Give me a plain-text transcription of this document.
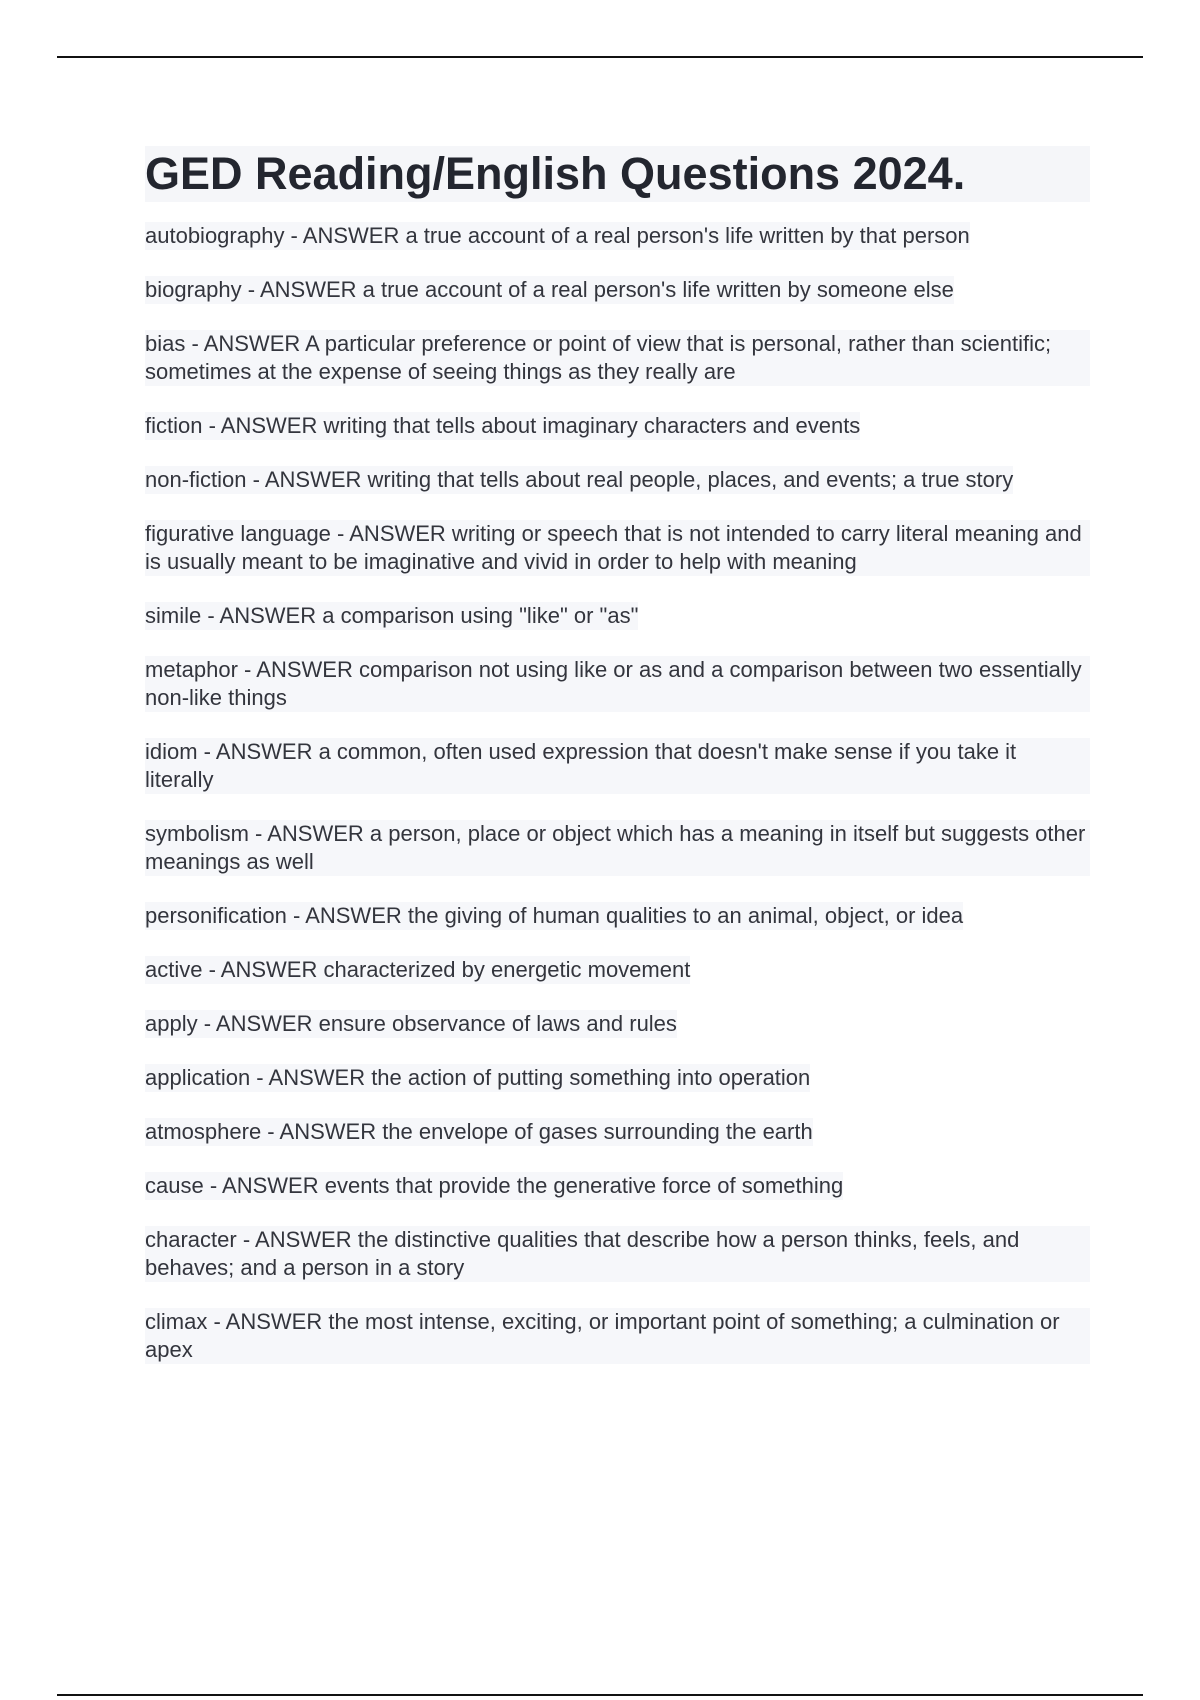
GED Reading/English Questions 2024.
autobiography - ANSWER a true account of a real person's life written by that person
biography - ANSWER a true account of a real person's life written by someone else
bias - ANSWER A particular preference or point of view that is personal, rather than scientific; sometimes at the expense of seeing things as they really are
fiction - ANSWER writing that tells about imaginary characters and events
non-fiction - ANSWER writing that tells about real people, places, and events; a true story
figurative language - ANSWER writing or speech that is not intended to carry literal meaning and is usually meant to be imaginative and vivid in order to help with meaning
simile - ANSWER a comparison using "like" or "as"
metaphor - ANSWER comparison not using like or as and a comparison between two essentially non-like things
idiom - ANSWER a common, often used expression that doesn't make sense if you take it literally
symbolism - ANSWER a person, place or object which has a meaning in itself but suggests other meanings as well
personification - ANSWER the giving of human qualities to an animal, object, or idea
active - ANSWER characterized by energetic movement
apply - ANSWER ensure observance of laws and rules
application - ANSWER the action of putting something into operation
atmosphere - ANSWER the envelope of gases surrounding the earth
cause - ANSWER events that provide the generative force of something
character - ANSWER the distinctive qualities that describe how a person thinks, feels, and behaves; and a person in a story
climax - ANSWER the most intense, exciting, or important point of something; a culmination or apex
